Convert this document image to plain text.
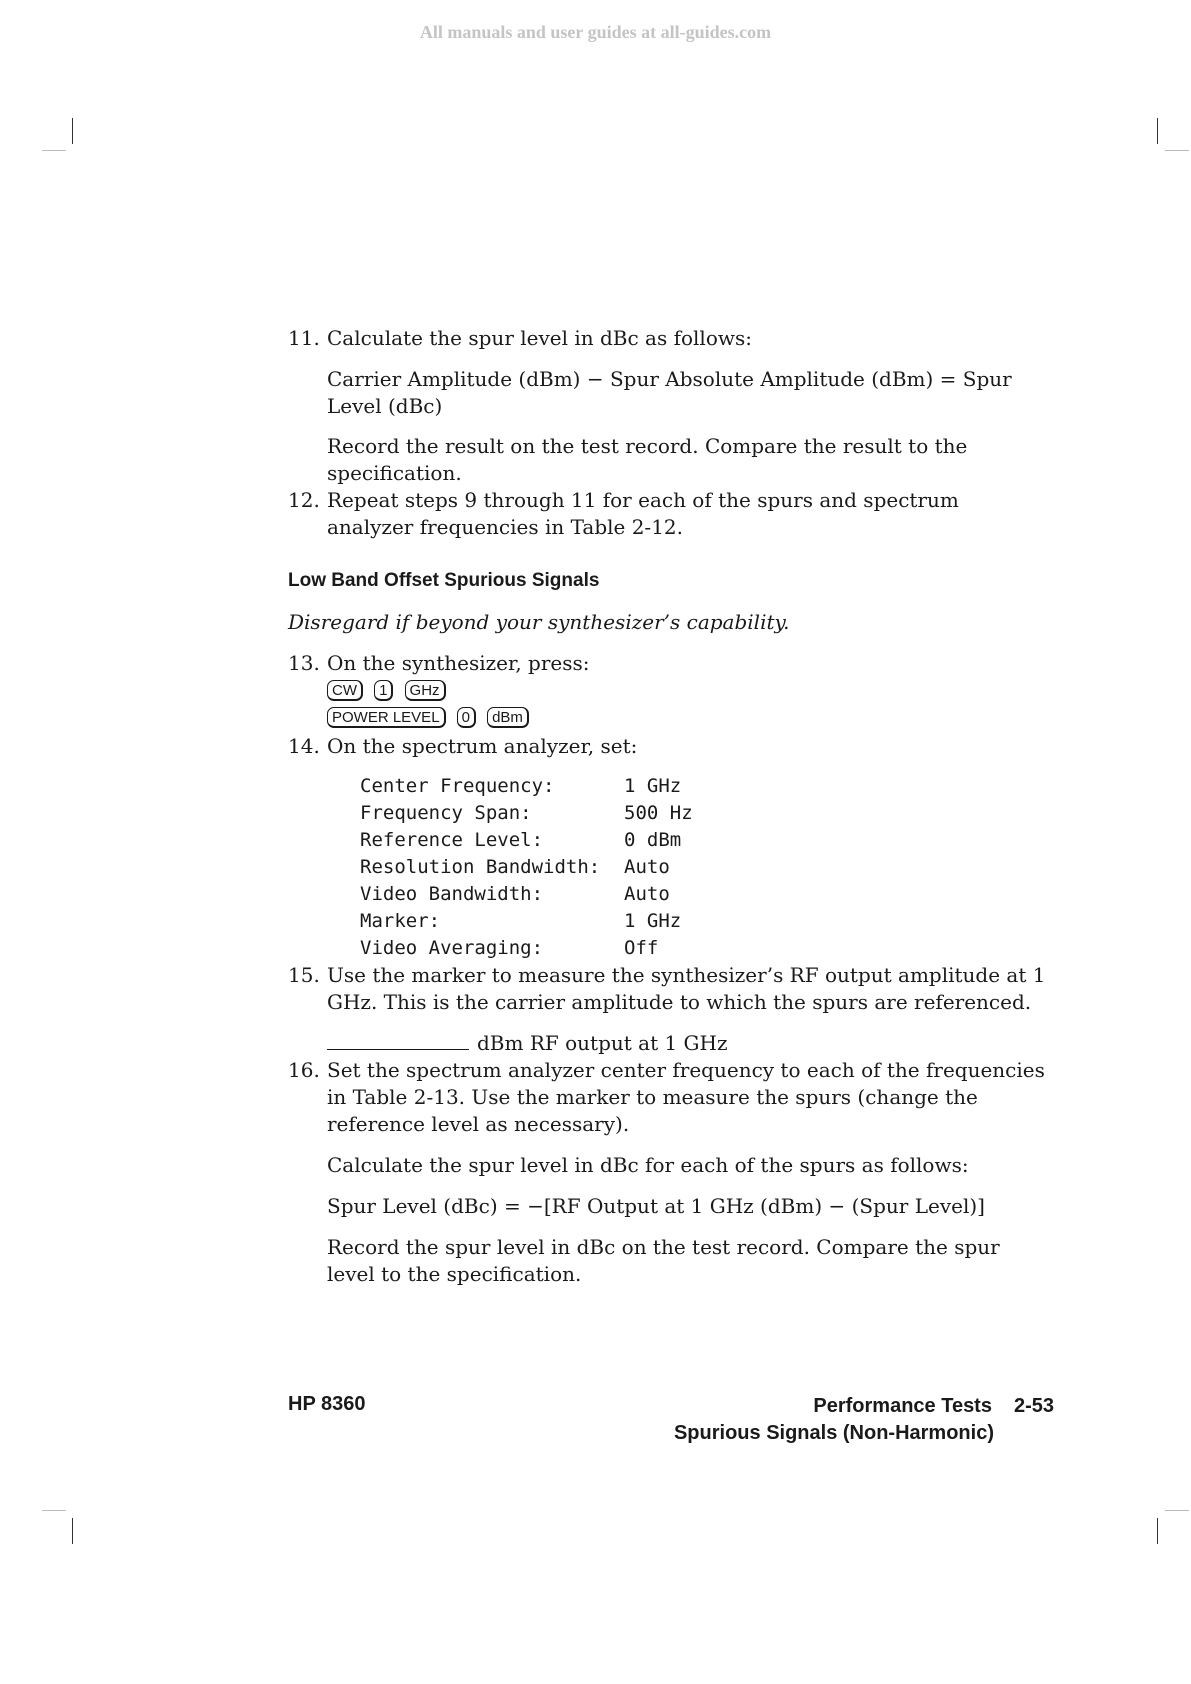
All manuals and user guides at all-guides.com
11. Calculate the spur level in dBc as follows:
Carrier Amplitude (dBm) − Spur Absolute Amplitude (dBm) = Spur Level (dBc)
Record the result on the test record. Compare the result to the specification.
12. Repeat steps 9 through 11 for each of the spurs and spectrum analyzer frequencies in Table 2-12.
Low Band Offset Spurious Signals
Disregard if beyond your synthesizer’s capability.
13. On the synthesizer, press:
CW 1 GHz
POWER LEVEL 0 dBm
14. On the spectrum analyzer, set:
Center Frequency:	1 GHz
Frequency Span:	500 Hz
Reference Level:	0 dBm
Resolution Bandwidth:	Auto
Video Bandwidth:	Auto
Marker:	1 GHz
Video Averaging:	Off
15. Use the marker to measure the synthesizer’s RF output amplitude at 1 GHz. This is the carrier amplitude to which the spurs are referenced.
dBm RF output at 1 GHz
16. Set the spectrum analyzer center frequency to each of the frequencies in Table 2-13. Use the marker to measure the spurs (change the reference level as necessary).
Calculate the spur level in dBc for each of the spurs as follows:
Spur Level (dBc) = −[RF Output at 1 GHz (dBm) − (Spur Level)]
Record the spur level in dBc on the test record. Compare the spur level to the specification.
HP 8360	Performance Tests 2-53
Spurious Signals (Non-Harmonic)
